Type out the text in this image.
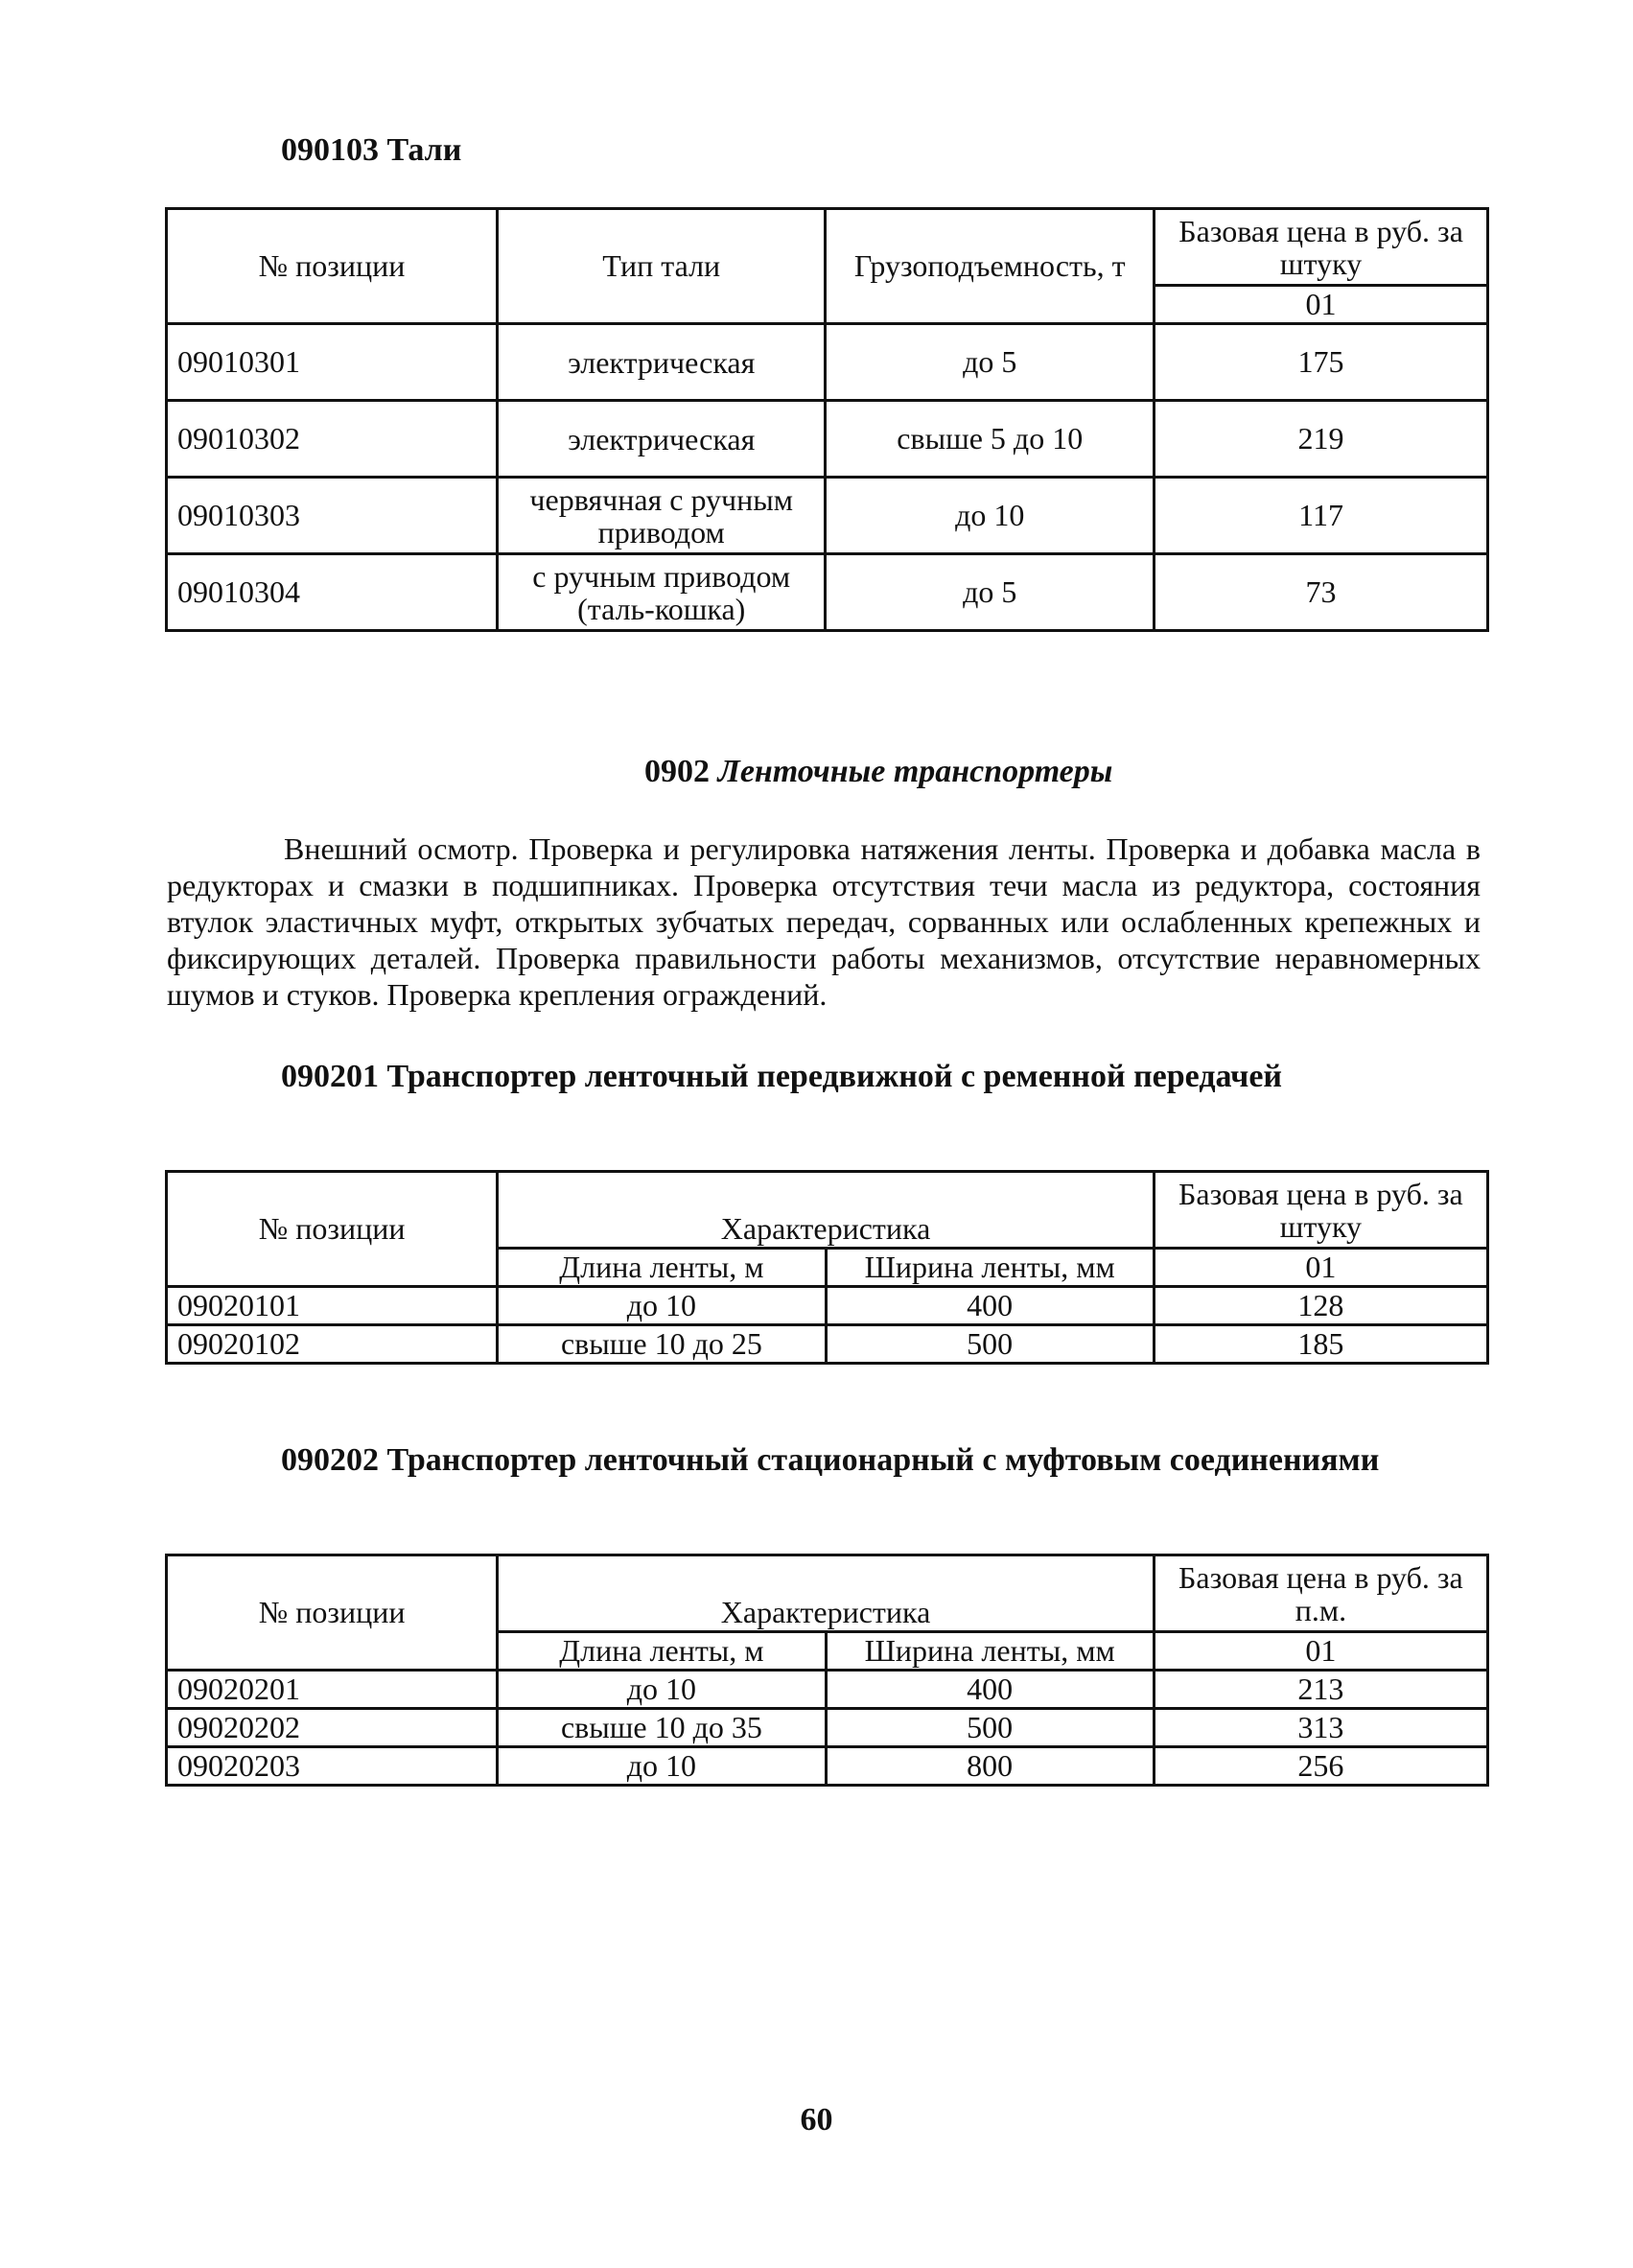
090103 Тали
№ позиции	Тип тали	Грузоподъемность, т	Базовая цена в руб. за штуку
			01
09010301	электрическая	до 5	175
09010302	электрическая	свыше 5 до 10	219
09010303	червячная с ручным приводом	до 10	117
09010304	с ручным приводом (таль-кошка)	до 5	73
0902 Ленточные транспортеры
Внешний осмотр. Проверка и регулировка натяжения ленты. Проверка и добавка масла в редукторах и смазки в подшипниках. Проверка отсутствия течи масла из редуктора, состояния втулок эластичных муфт, открытых зубчатых передач, сорванных или ослабленных крепежных и фиксирующих деталей. Проверка правильности работы механизмов, отсутствие неравномерных шумов и стуков. Проверка крепления ограждений.
090201 Транспортер ленточный передвижной с ременной передачей
№ позиции	Характеристика		Базовая цена в руб. за штуку
	Длина ленты, м	Ширина ленты, мм	01
09020101	до 10	400	128
09020102	свыше 10 до 25	500	185
090202 Транспортер ленточный стационарный с муфтовым соединениями
№ позиции	Характеристика		Базовая цена в руб. за п.м.
	Длина ленты, м	Ширина ленты, мм	01
09020201	до 10	400	213
09020202	свыше 10 до 35	500	313
09020203	до 10	800	256
60
